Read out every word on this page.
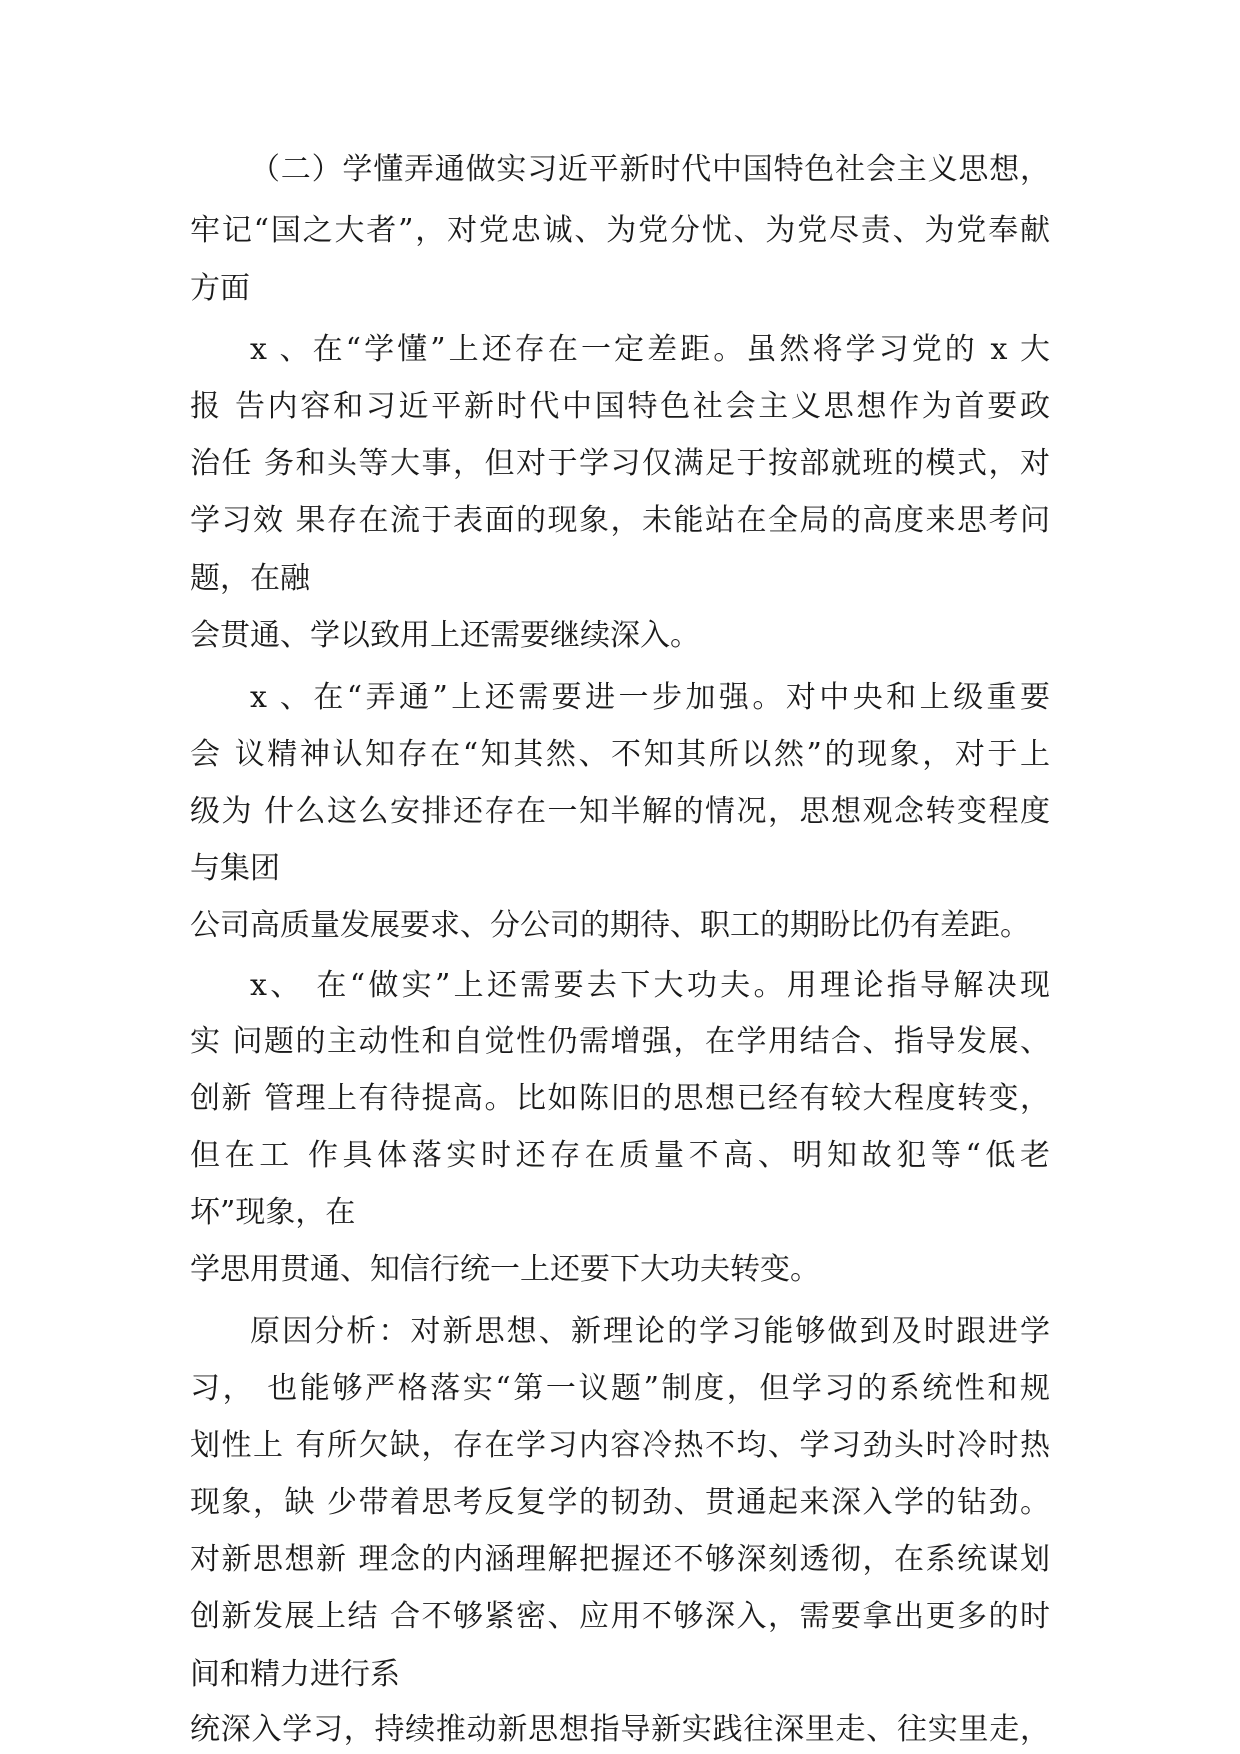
（二）学懂弄通做实习近平新时代中国特色社会主义思想，
牢记“国之大者”，对党忠诚、为党分忧、为党尽责、为党奉献
方面
x 、在“学懂”上还存在一定差距。虽然将学习党的 x 大
报 告内容和习近平新时代中国特色社会主义思想作为首要政
治任 务和头等大事，但对于学习仅满足于按部就班的模式，对
学习效 果存在流于表面的现象，未能站在全局的高度来思考问
题，在融
会贯通、学以致用上还需要继续深入。
x 、在“弄通”上还需要进一步加强。对中央和上级重要
会 议精神认知存在“知其然、不知其所以然”的现象，对于上
级为 什么这么安排还存在一知半解的情况，思想观念转变程度
与集团
公司高质量发展要求、分公司的期待、职工的期盼比仍有差距。
x、 在“做实”上还需要去下大功夫。用理论指导解决现
实 问题的主动性和自觉性仍需增强，在学用结合、指导发展、
创新 管理上有待提高。比如陈旧的思想已经有较大程度转变，
但在工 作具体落实时还存在质量不高、明知故犯等“低老
坏”现象，在
学思用贯通、知信行统一上还要下大功夫转变。
原因分析：对新思想、新理论的学习能够做到及时跟进学
习， 也能够严格落实“第一议题”制度，但学习的系统性和规
划性上 有所欠缺，存在学习内容冷热不均、学习劲头时冷时热
现象，缺 少带着思考反复学的韧劲、贯通起来深入学的钻劲。
对新思想新 理念的内涵理解把握还不够深刻透彻，在系统谋划
创新发展上结 合不够紧密、应用不够深入，需要拿出更多的时
间和精力进行系
统深入学习，持续推动新思想指导新实践往深里走、往实里走，
